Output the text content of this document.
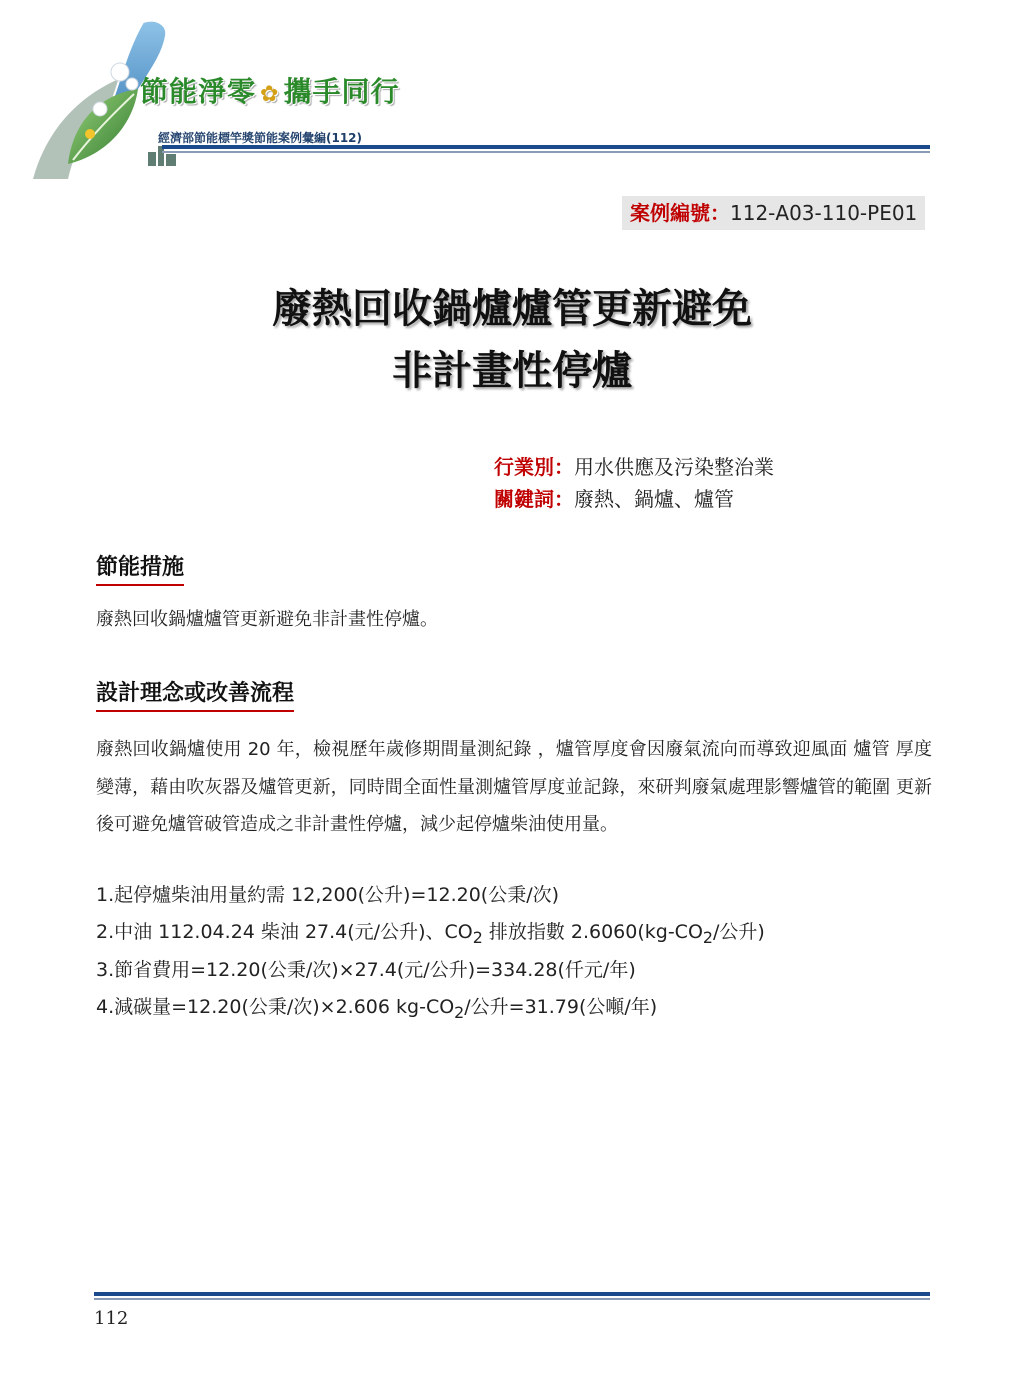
節能淨零 ✿ 攜手同行
經濟部節能標竿獎節能案例彙編(112)
案例編號：112-A03-110-PE01
廢熱回收鍋爐爐管更新避免
非計畫性停爐
行業別：用水供應及污染整治業
關鍵詞：廢熱、鍋爐、爐管
節能措施
廢熱回收鍋爐爐管更新避免非計畫性停爐。
設計理念或改善流程
廢熱回收鍋爐使用 20 年，檢視歷年歲修期間量測紀錄 ，爐管厚度會因廢氣流向而導致迎風面 爐管 厚度變薄，藉由吹灰器及爐管更新，同時間全面性量測爐管厚度並記錄，來研判廢氣處理影響爐管的範圍 更新後可避免爐管破管造成之非計畫性停爐，減少起停爐柴油使用量。
1.起停爐柴油用量約需 12,200(公升)=12.20(公秉/次)
2.中油 112.04.24 柴油 27.4(元/公升)、$CO_2$ 排放指數 $2.6060(kg-CO_2/$公升)
3.節省費用=12.20(公秉/次)×27.4(元/公升)=334.28(仟元/年)
4.減碳量=12.20(公秉/次)×2.606 $kg-CO_2/$公升=31.79(公噸/年)
112
